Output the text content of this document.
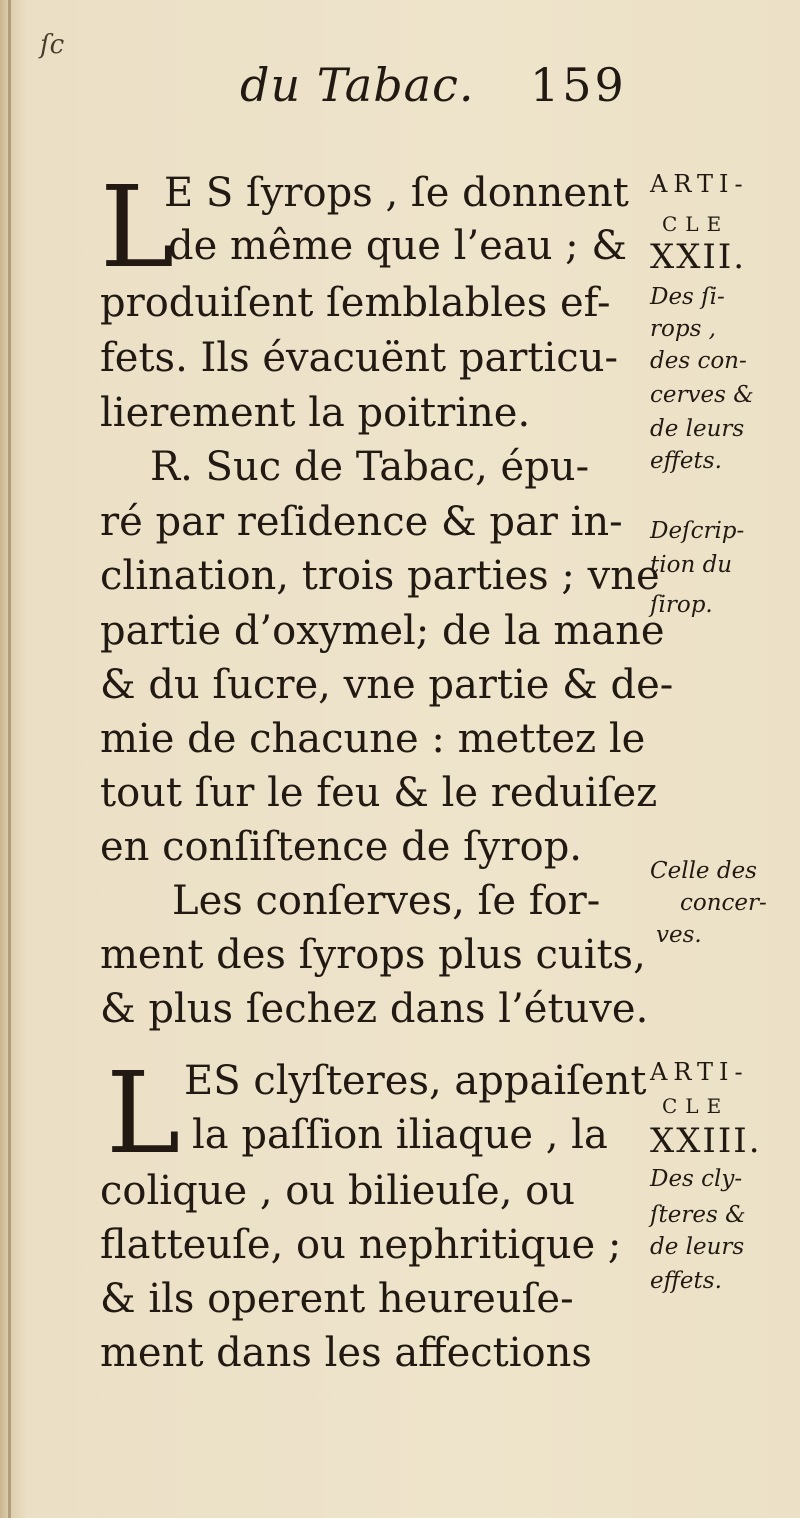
ſc
du Tabac. 159
L
E S ſyrops , ſe donnent
de même que l’eau ; &
produiſent ſemblables ef-
fets. Ils évacuënt particu-
lierement la poitrine.
R. Suc de Tabac, épu-
ré par reſidence & par in-
clination, trois parties ; vne
partie d’oxymel; de la mane
& du ſucre, vne partie & de-
mie de chacune : mettez le
tout ſur le feu & le reduiſez
en conſiſtence de ſyrop.
Les conſerves, ſe for-
ment des ſyrops plus cuits,
& plus ſechez dans l’étuve.
ARTI-
CLE
XXII.
Des ſi-
rops ,
des con-
cerves &
de leurs
effets.
Deſcrip-
tion du
ſirop.
Celle des
concer-
ves.
L ES clyſteres, appaiſent
la paſſion iliaque , la
colique , ou bilieuſe, ou
flatteuſe, ou nephritique ;
& ils operent heureuſe-
ment dans les affections
ARTI-
CLE
XXIII.
Des cly-
ſteres &
de leurs
effets.
